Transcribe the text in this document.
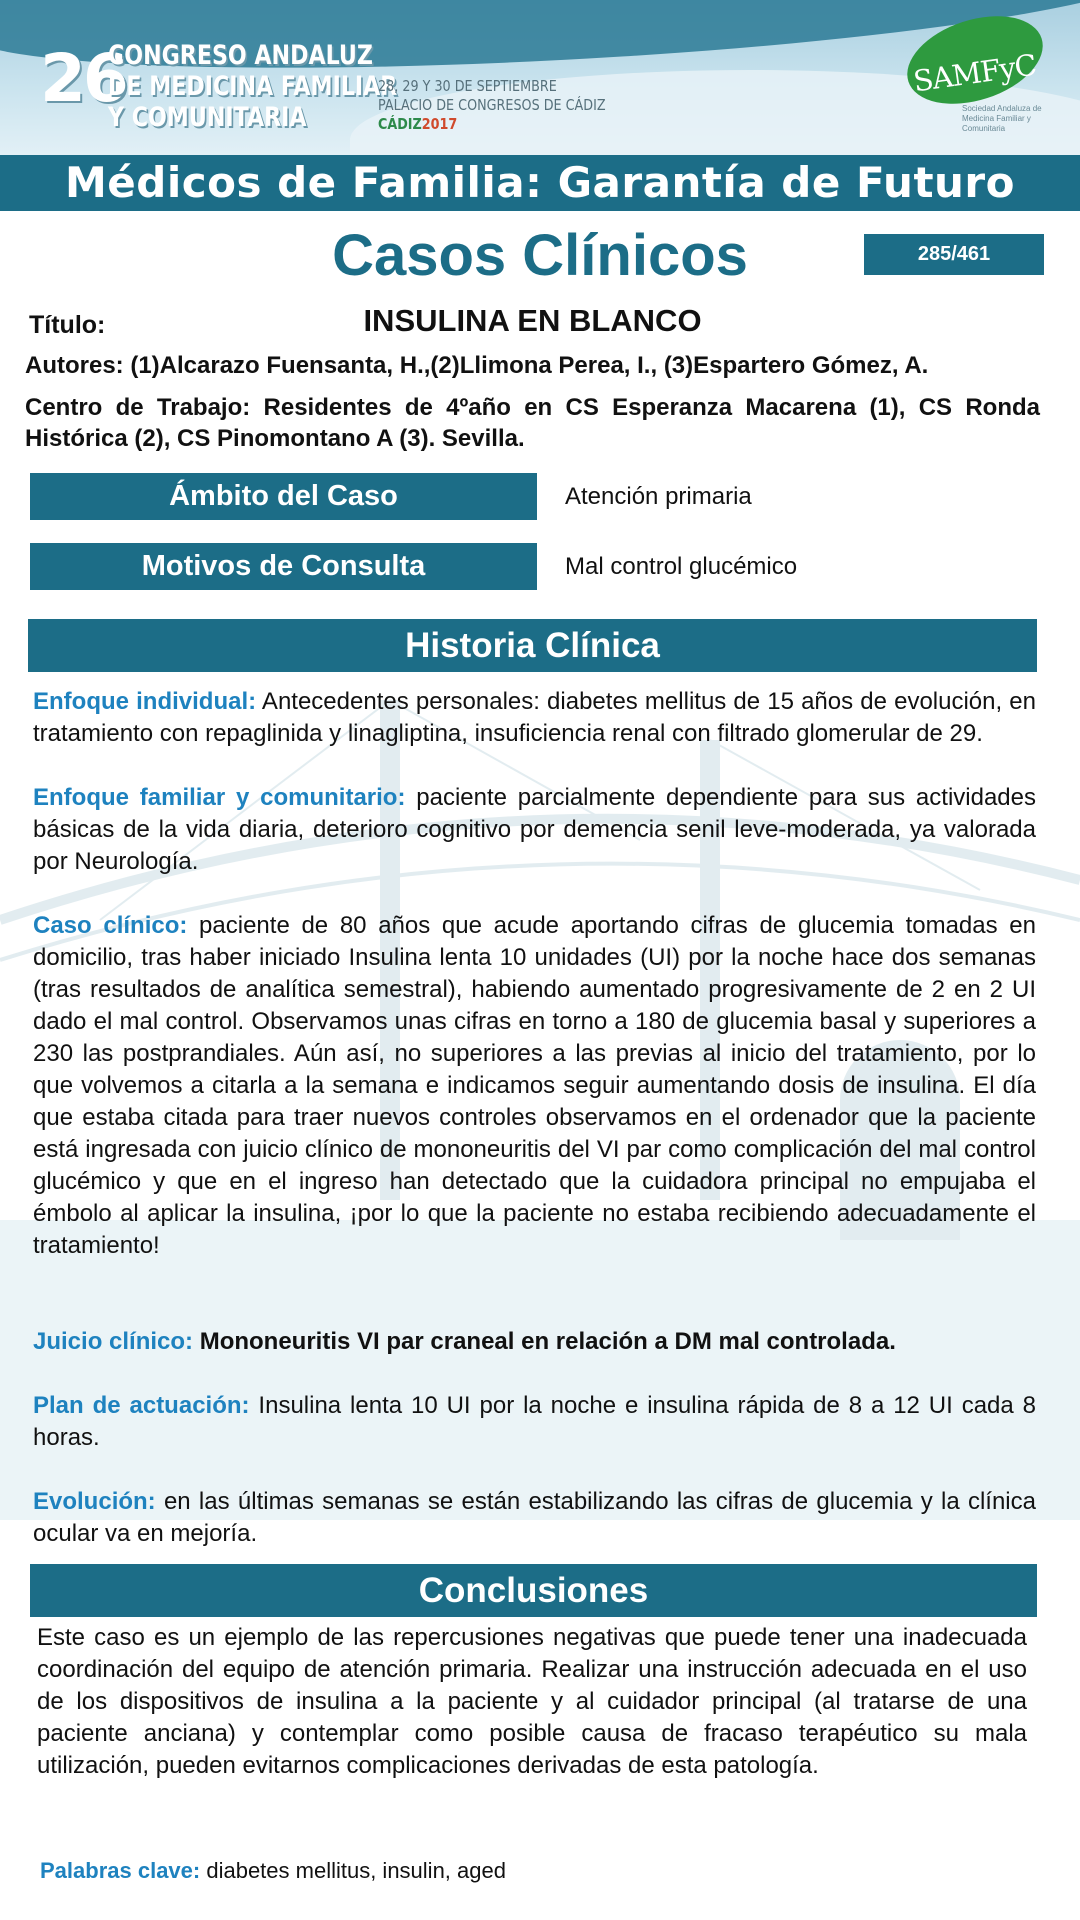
26
CONGRESO ANDALUZ
DE MEDICINA FAMILIAR
Y COMUNITARIA
28, 29 Y 30 DE SEPTIEMBRE
PALACIO DE CONGRESOS DE CÁDIZ
CÁDIZ2017
SAMFyC
Sociedad Andaluza de Medicina Familiar y Comunitaria
Médicos de Familia: Garantía de Futuro
Casos Clínicos	285/461
INSULINA EN BLANCO
Título:
Autores: (1)Alcarazo Fuensanta, H.,(2)Llimona Perea, I., (3)Espartero Gómez, A.
Centro de Trabajo: Residentes de 4ºaño en CS Esperanza Macarena (1), CS Ronda Histórica (2), CS Pinomontano A (3). Sevilla.
Ámbito del Caso	Atención primaria
Motivos de Consulta	Mal control glucémico
Historia Clínica
Enfoque individual: Antecedentes personales: diabetes mellitus de 15 años de evolución, en tratamiento con repaglinida y linagliptina, insuficiencia renal con filtrado glomerular de 29.
Enfoque familiar y comunitario: paciente parcialmente dependiente para sus actividades básicas de la vida diaria, deterioro cognitivo por demencia senil leve-moderada, ya valorada por Neurología.
Caso clínico: paciente de 80 años que acude aportando cifras de glucemia tomadas en domicilio, tras haber iniciado Insulina lenta 10 unidades (UI) por la noche hace dos semanas (tras resultados de analítica semestral), habiendo aumentado progresivamente de 2 en 2 UI dado el mal control. Observamos unas cifras en torno a 180 de glucemia basal y superiores a 230 las postprandiales. Aún así, no superiores a las previas al inicio del tratamiento, por lo que volvemos a citarla a la semana e indicamos seguir aumentando dosis de insulina. El día que estaba citada para traer nuevos controles observamos en el ordenador que la paciente está ingresada con juicio clínico de mononeuritis del VI par como complicación del mal control glucémico y que en el ingreso han detectado que la cuidadora principal no empujaba el émbolo al aplicar la insulina, ¡por lo que la paciente no estaba recibiendo adecuadamente el tratamiento!
Juicio clínico: Mononeuritis VI par craneal en relación a DM mal controlada.
Plan de actuación: Insulina lenta 10 UI por la noche e insulina rápida de 8 a 12 UI cada 8 horas.
Evolución: en las últimas semanas se están estabilizando las cifras de glucemia y la clínica ocular va en mejoría.
Conclusiones
Este caso es un ejemplo de las repercusiones negativas que puede tener una inadecuada coordinación del equipo de atención primaria. Realizar una instrucción adecuada en el uso de los dispositivos de insulina a la paciente y al cuidador principal (al tratarse de una paciente anciana) y contemplar como posible causa de fracaso terapéutico su mala utilización, pueden evitarnos complicaciones derivadas de esta patología.
Palabras clave: diabetes mellitus, insulin, aged
